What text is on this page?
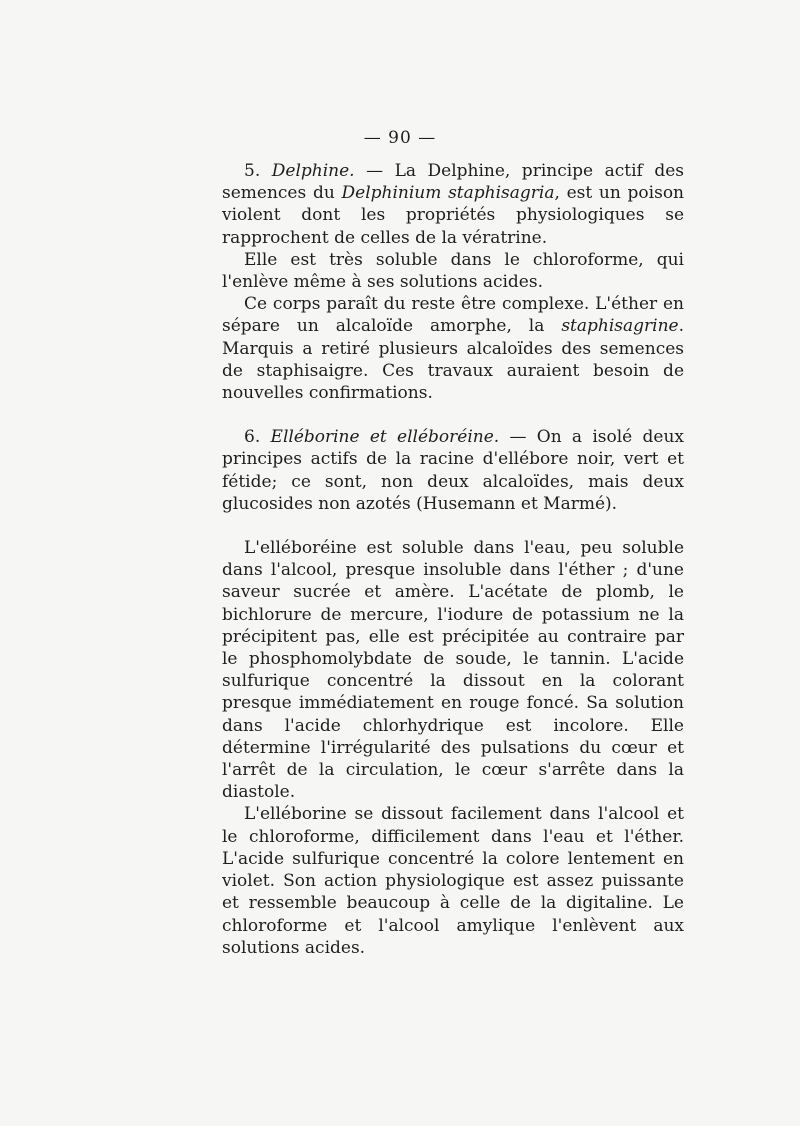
— 90 —

5. Delphine. — La Delphine, principe actif des semences du Delphinium staphisagria, est un poison violent dont les propriétés physiologiques se rapprochent de celles de la vératrine.

Elle est très soluble dans le chloroforme, qui l'enlève même à ses solutions acides.

Ce corps paraît du reste être complexe. L'éther en sépare un alcaloïde amorphe, la staphisagrine. Marquis a retiré plusieurs alcaloïdes des semences de staphisaigre. Ces travaux auraient besoin de nouvelles confirmations.

6. Elléborine et elléboréine. — On a isolé deux principes actifs de la racine d'ellébore noir, vert et fétide; ce sont, non deux alcaloïdes, mais deux glucosides non azotés (Husemann et Marmé).

L'elléboréine est soluble dans l'eau, peu soluble dans l'alcool, presque insoluble dans l'éther ; d'une saveur sucrée et amère. L'acétate de plomb, le bichlorure de mercure, l'iodure de potassium ne la précipitent pas, elle est précipitée au contraire par le phosphomolybdate de soude, le tannin. L'acide sulfurique concentré la dissout en la colorant presque immédiatement en rouge foncé. Sa solution dans l'acide chlorhydrique est incolore. Elle détermine l'irrégularité des pulsations du cœur et l'arrêt de la circulation, le cœur s'arrête dans la diastole.

L'elléborine se dissout facilement dans l'alcool et le chloroforme, difficilement dans l'eau et l'éther. L'acide sulfurique concentré la colore lentement en violet. Son action physiologique est assez puissante et ressemble beaucoup à celle de la digitaline. Le chloroforme et l'alcool amylique l'enlèvent aux solutions acides.
